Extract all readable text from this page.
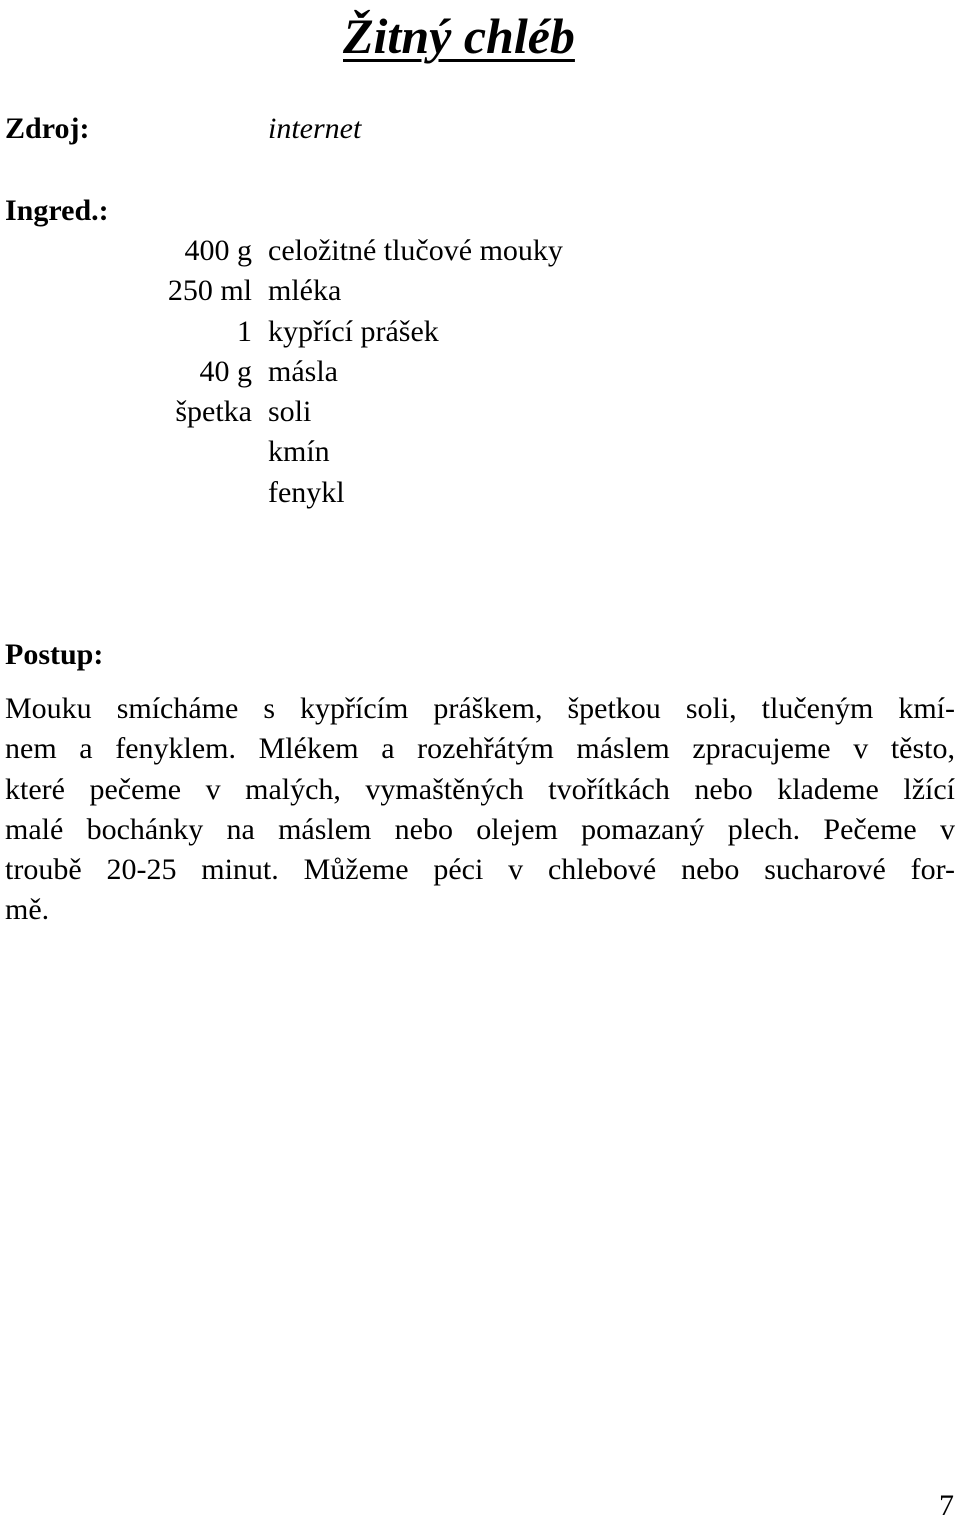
Žitný chléb
Zdroj:	internet
Ingred.:
400 g celožitné tlučové mouky
250 ml mléka
1 kypřící prášek
40 g másla
špetka soli
kmín
fenykl
Postup:
Mouku smícháme s kypřícím práškem, špetkou soli, tlučeným kmí-
nem a fenyklem. Mlékem a rozehřátým máslem zpracujeme v těsto,
které pečeme v malých, vymaštěných tvořítkách nebo klademe lžící
malé bochánky na máslem nebo olejem pomazaný plech. Pečeme v
troubě 20-25 minut. Můžeme péci v chlebové nebo sucharové for-
mě.
7
